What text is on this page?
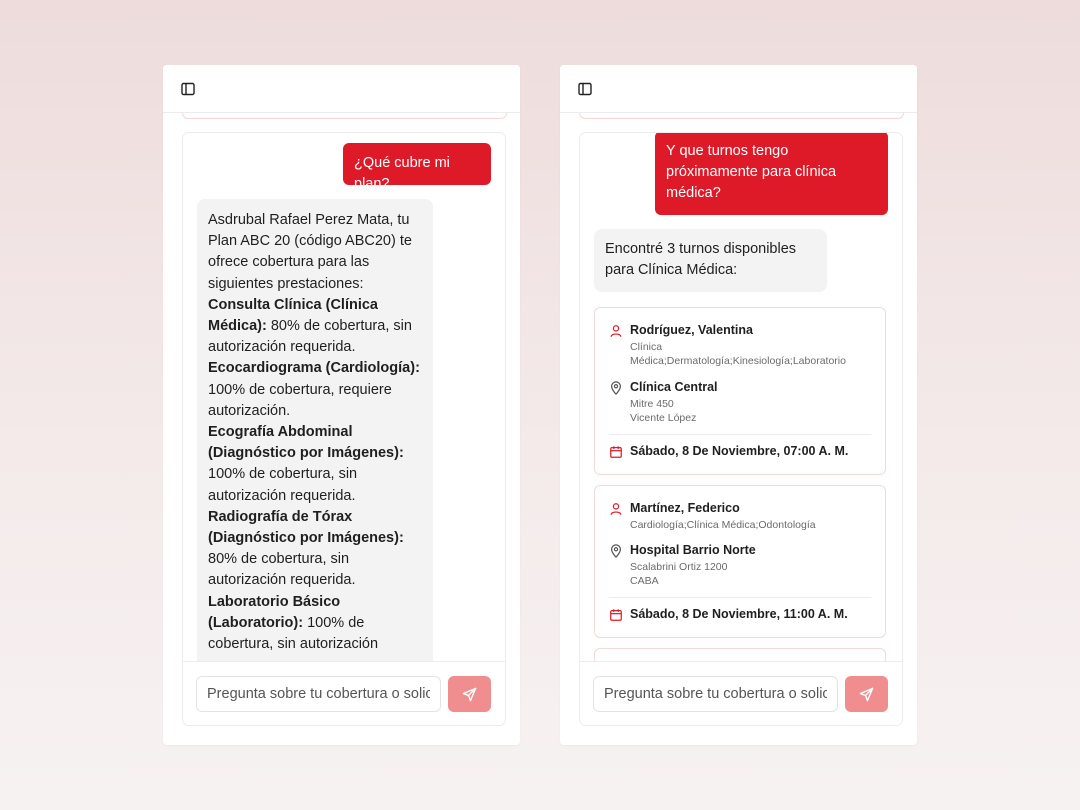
¿Qué cubre mi plan?
Asdrubal Rafael Perez Mata, tu Plan ABC 20 (código ABC20) te ofrece cobertura para las siguientes prestaciones:
Consulta Clínica (Clínica Médica): 80% de cobertura, sin autorización requerida.
Ecocardiograma (Cardiología): 100% de cobertura, requiere autorización.
Ecografía Abdominal (Diagnóstico por Imágenes): 100% de cobertura, sin autorización requerida.
Radiografía de Tórax (Diagnóstico por Imágenes): 80% de cobertura, sin autorización requerida.
Laboratorio Básico (Laboratorio): 100% de cobertura, sin autorización
Pregunta sobre tu cobertura o solicitud
Y que turnos tengo próximamente para clínica médica?
Encontré 3 turnos disponibles para Clínica Médica:
Rodríguez, Valentina
Clínica
Médica;Dermatología;Kinesiología;Laboratorio
Clínica Central
Mitre 450
Vicente López
Sábado, 8 De Noviembre, 07:00 A. M.
Martínez, Federico
Cardiología;Clínica Médica;Odontología
Hospital Barrio Norte
Scalabrini Ortiz 1200
CABA
Sábado, 8 De Noviembre, 11:00 A. M.
Pregunta sobre tu cobertura o solicitud
